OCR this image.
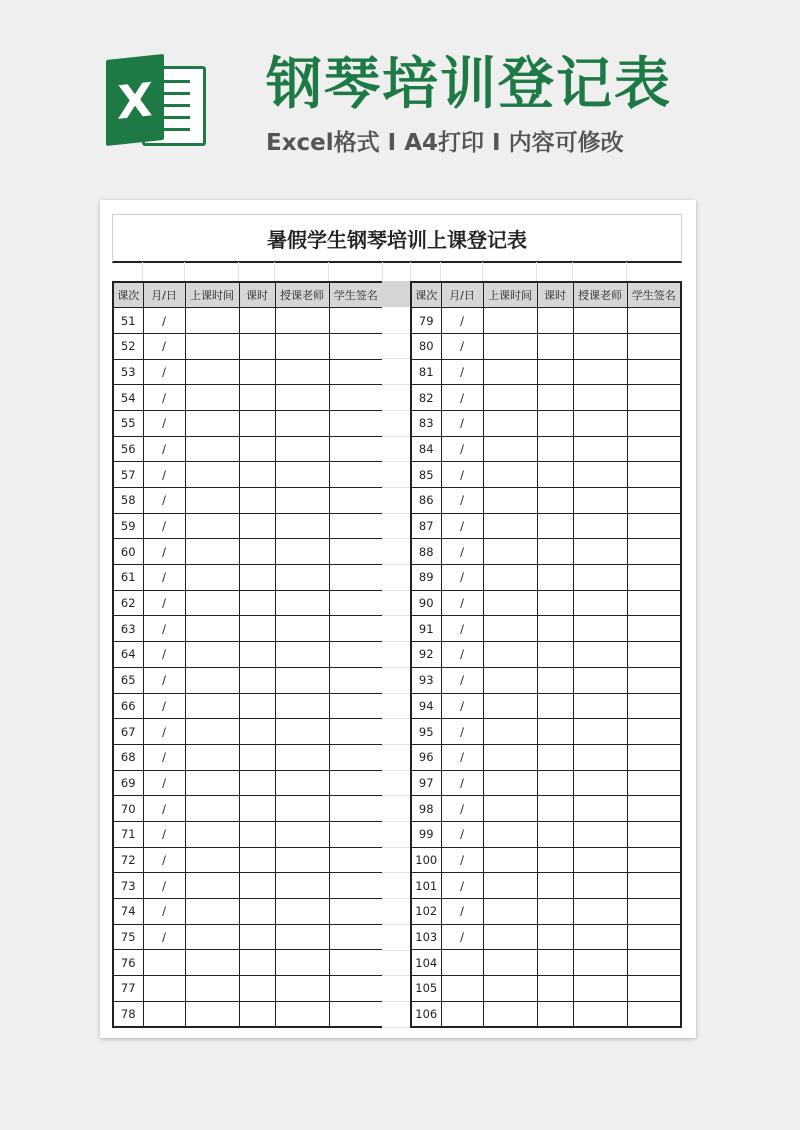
X 钢琴培训登记表
Excel格式 I A4打印 I 内容可修改
暑假学生钢琴培训上课登记表
课次	月/日	上课时间	课时	授课老师	学生签名
51	/				
52	/				
53	/				
54	/				
55	/				
56	/				
57	/				
58	/				
59	/				
60	/				
61	/				
62	/				
63	/				
64	/				
65	/				
66	/				
67	/				
68	/				
69	/				
70	/				
71	/				
72	/				
73	/				
74	/				
75	/				
76					
77					
78					
课次	月/日	上课时间	课时	授课老师	学生签名
79	/				
80	/				
81	/				
82	/				
83	/				
84	/				
85	/				
86	/				
87	/				
88	/				
89	/				
90	/				
91	/				
92	/				
93	/				
94	/				
95	/				
96	/				
97	/				
98	/				
99	/				
100	/				
101	/				
102	/				
103	/				
104					
105					
106					
